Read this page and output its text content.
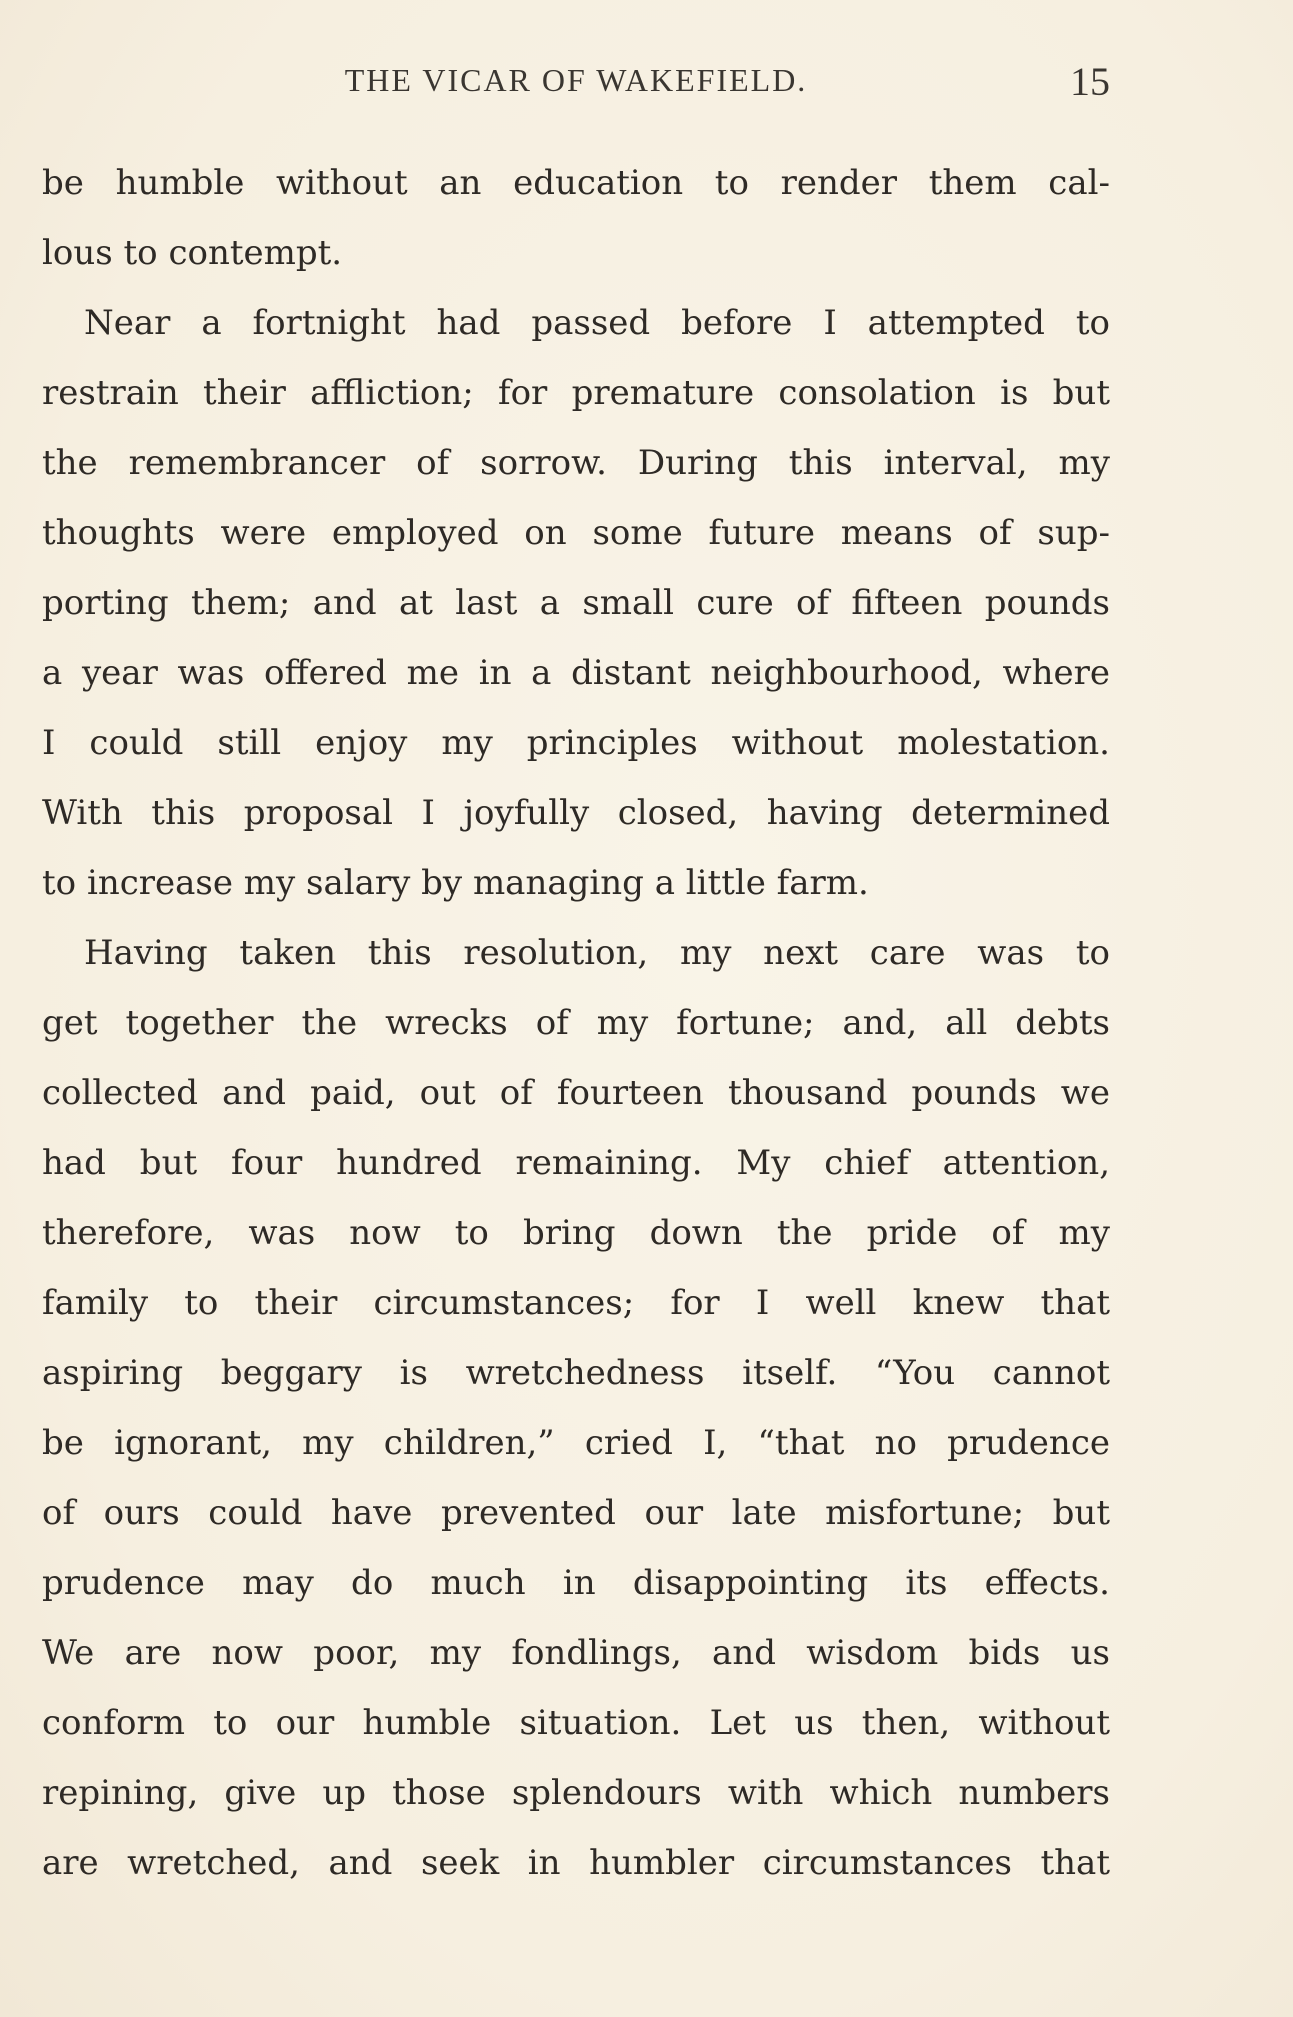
THE VICAR OF WAKEFIELD.	15
be humble without an education to render them cal-
lous to contempt.
Near a fortnight had passed before I attempted to
restrain their affliction; for premature consolation is but
the remembrancer of sorrow. During this interval, my
thoughts were employed on some future means of sup-
porting them; and at last a small cure of fifteen pounds
a year was offered me in a distant neighbourhood, where
I could still enjoy my principles without molestation.
With this proposal I joyfully closed, having determined
to increase my salary by managing a little farm.
Having taken this resolution, my next care was to
get together the wrecks of my fortune; and, all debts
collected and paid, out of fourteen thousand pounds we
had but four hundred remaining. My chief attention,
therefore, was now to bring down the pride of my
family to their circumstances; for I well knew that
aspiring beggary is wretchedness itself. “You cannot
be ignorant, my children,” cried I, “that no prudence
of ours could have prevented our late misfortune; but
prudence may do much in disappointing its effects.
We are now poor, my fondlings, and wisdom bids us
conform to our humble situation. Let us then, without
repining, give up those splendours with which numbers
are wretched, and seek in humbler circumstances that
